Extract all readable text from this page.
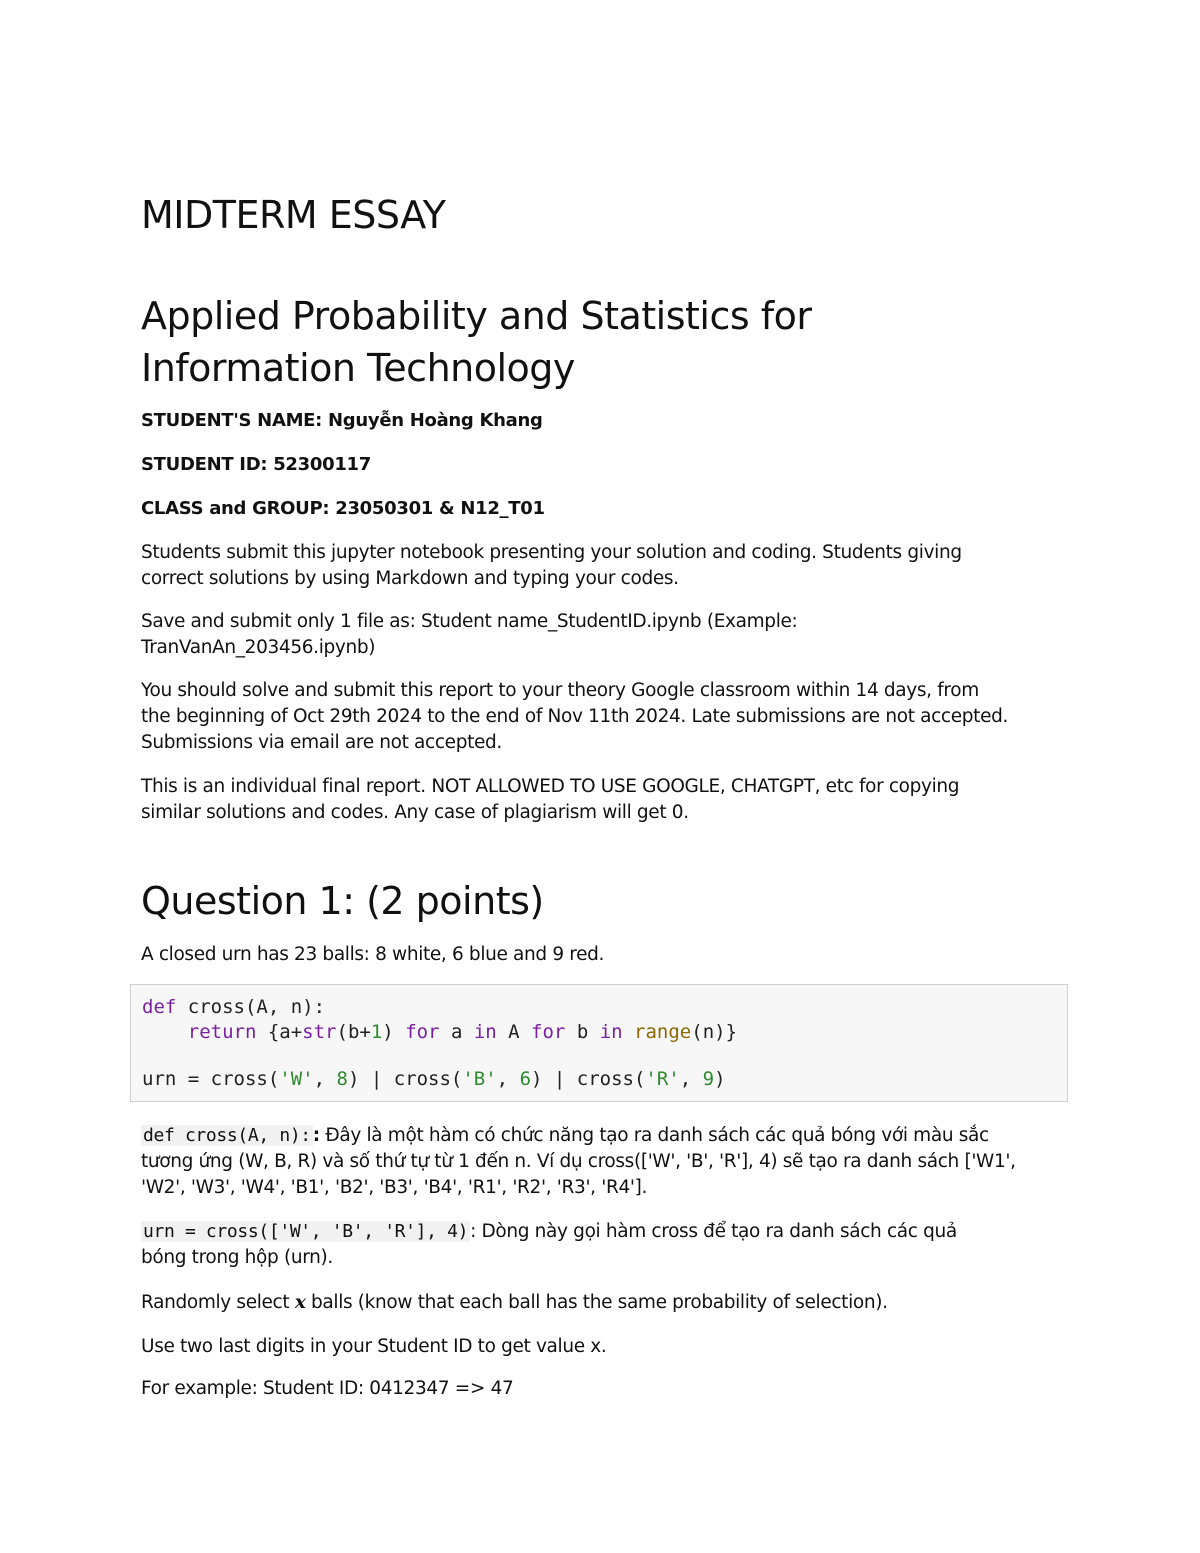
MIDTERM ESSAY
Applied Probability and Statistics for
Information Technology
STUDENT'S NAME: Nguyễn Hoàng Khang
STUDENT ID: 52300117
CLASS and GROUP: 23050301 & N12_T01

Students submit this jupyter notebook presenting your solution and coding. Students giving
correct solutions by using Markdown and typing your codes.

Save and submit only 1 file as: Student name_StudentID.ipynb (Example:
TranVanAn_203456.ipynb)

You should solve and submit this report to your theory Google classroom within 14 days, from
the beginning of Oct 29th 2024 to the end of Nov 11th 2024. Late submissions are not accepted.
Submissions via email are not accepted.

This is an individual final report. NOT ALLOWED TO USE GOOGLE, CHATGPT, etc for copying
similar solutions and codes. Any case of plagiarism will get 0.

Question 1: (2 points)

A closed urn has 23 balls: 8 white, 6 blue and 9 red.

def cross(A, n):
return {a+str(b+1) for a in A for b in range(n)}
urn = cross('W', 8) | cross('B', 6) | cross('R', 9)

def cross(A, n): : Đây là một hàm có chức năng tạo ra danh sách các quả bóng với màu sắc
tương ứng (W, B, R) và số thứ tự từ 1 đến n. Ví dụ cross(['W', 'B', 'R'], 4) sẽ tạo ra danh sách ['W1',
'W2', 'W3', 'W4', 'B1', 'B2', 'B3', 'B4', 'R1', 'R2', 'R3', 'R4'].

urn = cross(['W', 'B', 'R'], 4) : Dòng này gọi hàm cross để tạo ra danh sách các quả
bóng trong hộp (urn).

Randomly select x balls (know that each ball has the same probability of selection).

Use two last digits in your Student ID to get value x.

For example: Student ID: 0412347 => 47
